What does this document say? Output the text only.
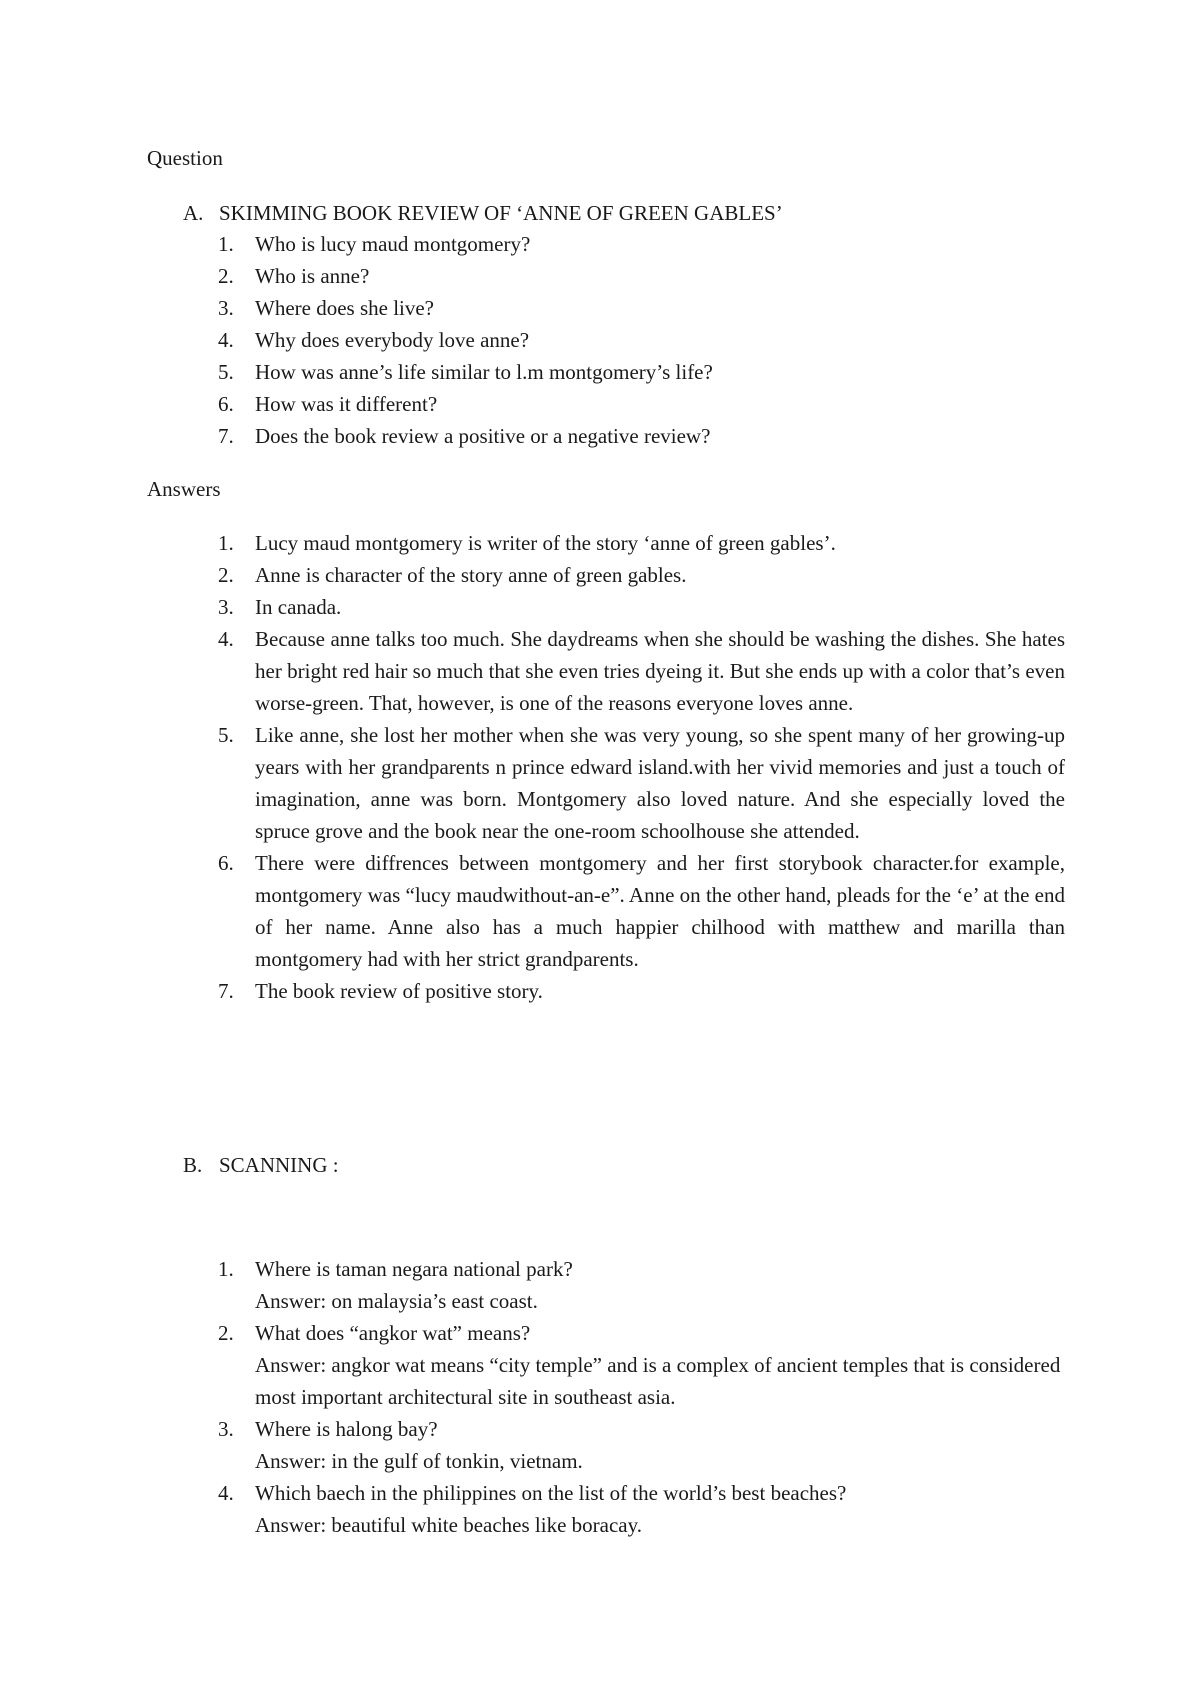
Question
A. SKIMMING BOOK REVIEW OF ‘ANNE OF GREEN GABLES’
1. Who is lucy maud montgomery?
2. Who is anne?
3. Where does she live?
4. Why does everybody love anne?
5. How was anne’s life similar to l.m montgomery’s life?
6. How was it different?
7. Does the book review a positive or a negative review?
Answers
1. Lucy maud montgomery is writer of the story ‘anne of green gables’.
2. Anne is character of the story anne of green gables.
3. In canada.
4. Because anne talks too much. She daydreams when she should be washing the dishes. She hates her bright red hair so much that she even tries dyeing it. But she ends up with a color that’s even worse-green. That, however, is one of the reasons everyone loves anne.
5. Like anne, she lost her mother when she was very young, so she spent many of her growing-up years with her grandparents n prince edward island.with her vivid memories and just a touch of imagination, anne was born. Montgomery also loved nature. And she especially loved the spruce grove and the book near the one-room schoolhouse she attended.
6. There were diffrences between montgomery and her first storybook character.for example, montgomery was “lucy maudwithout-an-e”. Anne on the other hand, pleads for the ‘e’ at the end of her name. Anne also has a much happier chilhood with matthew and marilla than montgomery had with her strict grandparents.
7. The book review of positive story.
B. SCANNING :
1. Where is taman negara national park?
Answer: on malaysia’s east coast.
2. What does “angkor wat” means?
Answer: angkor wat means “city temple” and is a complex of ancient temples that is considered most important architectural site in southeast asia.
3. Where is halong bay?
Answer: in the gulf of tonkin, vietnam.
4. Which baech in the philippines on the list of the world’s best beaches?
Answer: beautiful white beaches like boracay.
